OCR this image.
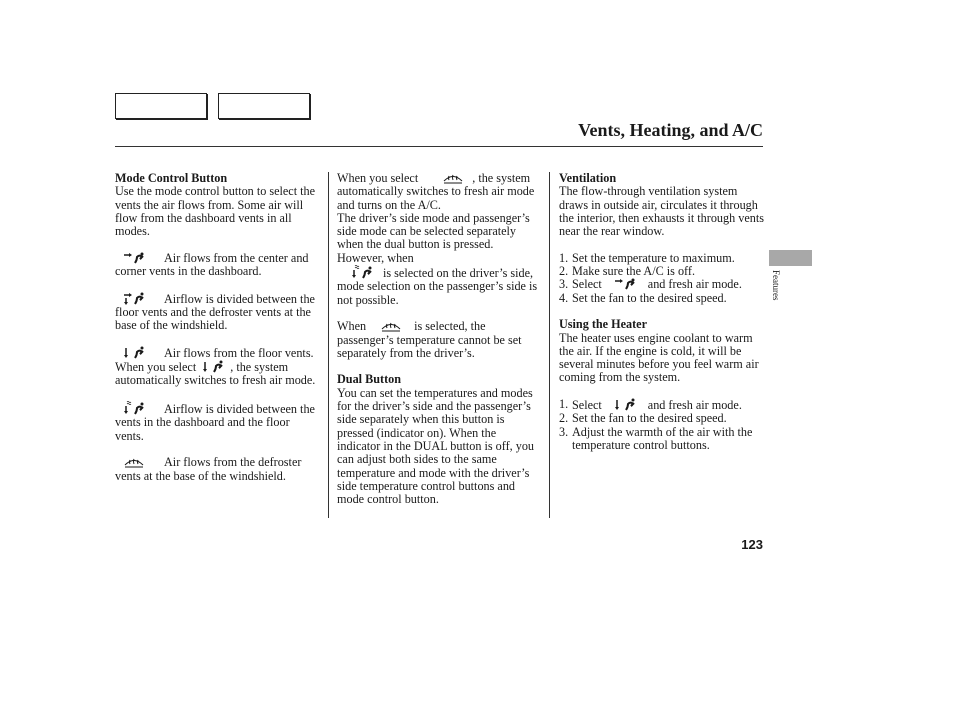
Vents, Heating, and A/C
Features

Mode Control Button

Use the mode control button to select the vents the air flows from. Some air will flow from the dashboard vents in all modes.

Air flows from the center and corner vents in the dashboard.

Airflow is divided between the floor vents and the defroster vents at the base of the windshield.

Air flows from the floor vents. When you select	, the system automatically switches to fresh air mode.

Airflow is divided between the vents in the dashboard and the floor vents.

Air flows from the defroster vents at the base of the windshield.

When you select	, the system automatically switches to fresh air mode and turns on the A/C.

The driver’s side mode and passenger’s side mode can be selected separately when the dual button is pressed. However, when

is selected on the driver’s side, mode selection on the passenger’s side is not possible.

When	is selected, the passenger’s temperature cannot be set separately from the driver’s.

Dual Button

You can set the temperatures and modes for the driver’s side and the passenger’s side separately when this button is pressed (indicator on). When the indicator in the DUAL button is off, you can adjust both sides to the same temperature and mode with the driver’s side temperature control buttons and mode control button.

Ventilation

The flow-through ventilation system draws in outside air, circulates it through the interior, then exhausts it through vents near the rear window.

1. Set the temperature to maximum.
2. Make sure the A/C is off.
3. Select	and fresh air mode.
4. Set the fan to the desired speed.

Using the Heater

The heater uses engine coolant to warm the air. If the engine is cold, it will be several minutes before you feel warm air coming from the system.

1. Select	and fresh air mode.
2. Set the fan to the desired speed.
3. Adjust the warmth of the air with the temperature control buttons.
123
